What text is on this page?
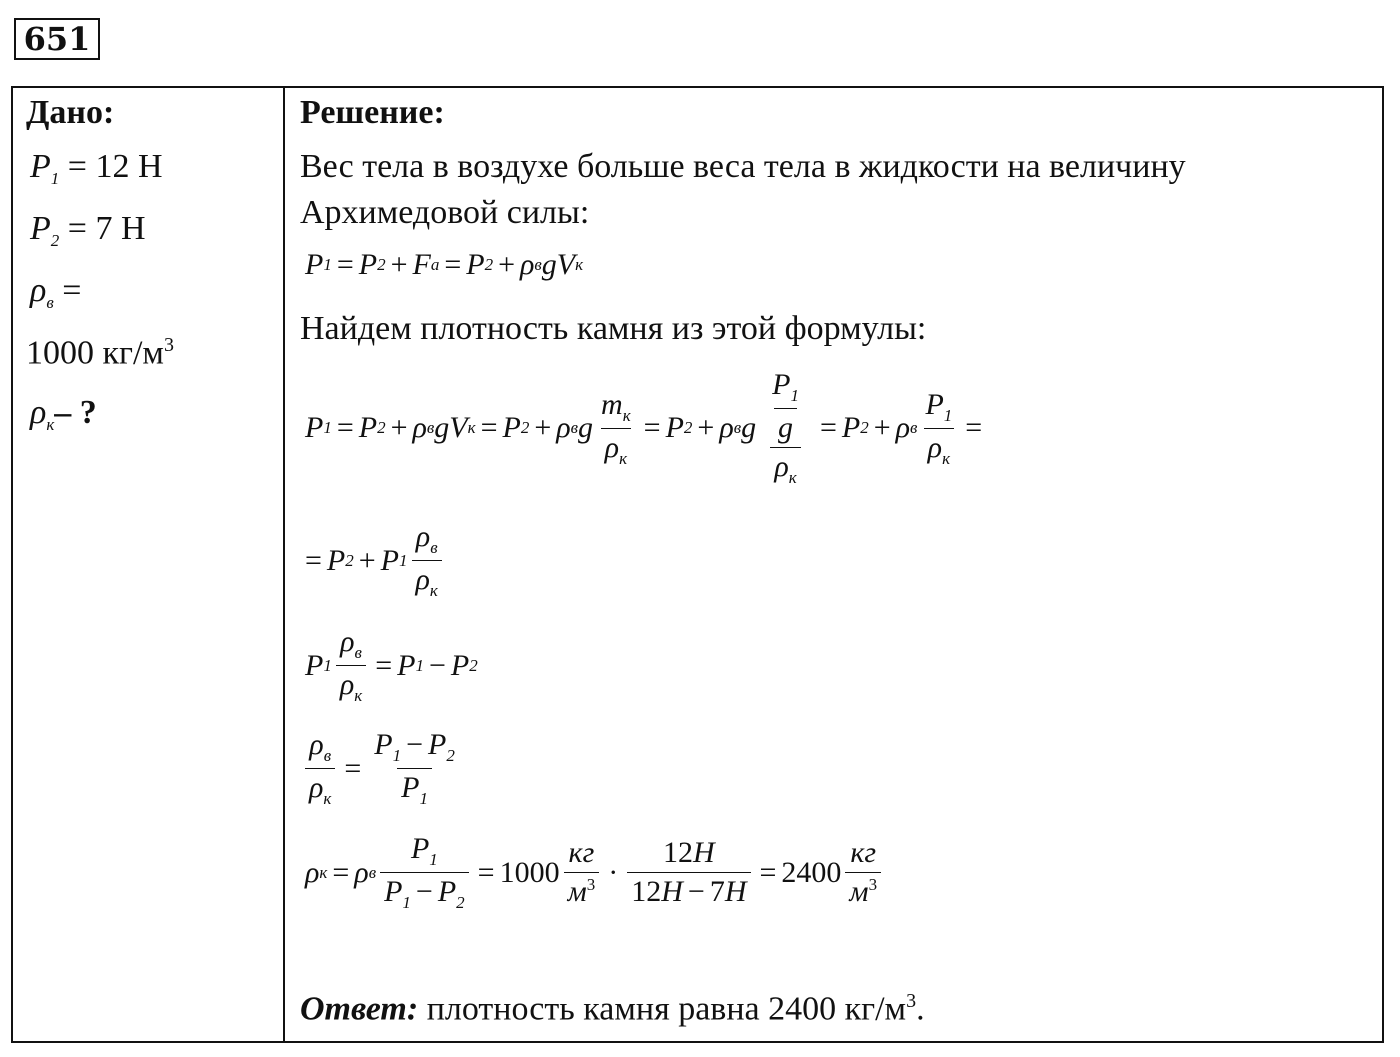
651
Дано:
$P_1 = 12$ Н
$P_2 = 7$ Н
$\rho_в$ =
1000 $кг/м^3$
$\rho_к-$ ?
Решение:
Вес тела в воздухе больше веса тела в жидкости на величину
Архимедовой силы:
P 1 = P 2 + F а = P 2 + ρ в gV к
Найдем плотность камня из этой формулы:
P 1 = P 2 + ρ в gV к = P 2 + ρ в g $\frac{m_к}{\rho_к} = P$ 2 + ρ в g $\frac{\frac{P_1}{g}}{\rho_к} = P$ 2 + ρ в $\frac{P_1}{\rho_к}$ =
= P 2 + P $1 \frac{\rho_в}{\rho_к}$
P $1 \frac{\rho_в}{\rho_к} = P$ 1 − P 2
$\frac{\rho_в}{\rho_к} = \frac{P_1 - P_2}{P_1}$
ρ к = ρ в $\frac{P_1}{P_1 - P_2} = 1000 \frac{кг}{м^3} \cdot \frac{12H}{12H - 7H} = 2400 \frac{кг}{м^3}$
Ответ: плотность камня равна 2400 $кг/м^3$.
